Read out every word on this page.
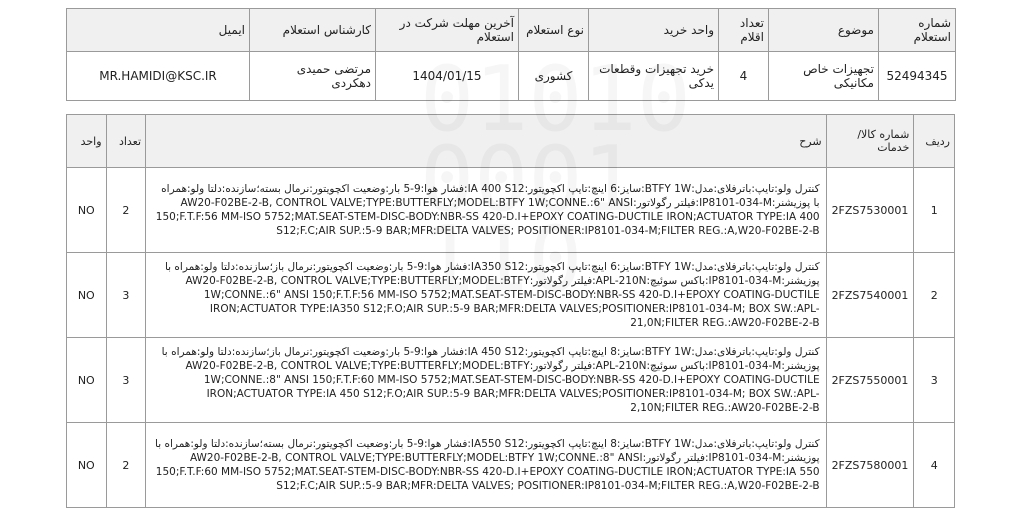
شماره استعلام	موضوع	تعداد اقلام	واحد خرید	نوع استعلام	آخرین مهلت شرکت در استعلام	کارشناس استعلام	ایمیل
52494345	تجهیزات خاص مکانیکی	4	خرید تجهیزات وقطعات یدکی	کشوری	1404/01/15	مرتضی حمیدی دهکردی	MR.HAMIDI@KSC.IR
ردیف	شماره کالا/خدمات	شرح	تعداد	واحد
1	2FZS7530001	کنترل ولو:تایپ:باترفلای:مدل:BTFY 1W:سایز:6 اینچ:تایپ اکچویتور:IA 400 S12:فشار هوا:9-5 بار:وضعیت اکچویتور:نرمال بسته؛سازنده:دلتا ولو:همراه با پوزیشنر:IP8101-034-M:فیلتر رگولاتور:AW20-F02BE-2-B, CONTROL VALVE;TYPE:BUTTERFLY;MODEL:BTFY 1W;CONNE.:6" ANSI 150;F.T.F:56 MM-ISO 5752;MAT.SEAT-STEM-DISC-BODY:NBR-SS 420-D.I+EPOXY COATING-DUCTILE IRON;ACTUATOR TYPE:IA 400 S12;F.C;AIR SUP.:5-9 BAR;MFR:DELTA VALVES; POSITIONER:IP8101-034-M;FILTER REG.:A,W20-F02BE-2-B	2	NO
2	2FZS7540001	کنترل ولو:تایپ:باترفلای:مدل:BTFY 1W:سایز:6 اینچ:تایپ اکچویتور:IA350 S12:فشار هوا:9-5 بار:وضعیت اکچویتور:نرمال باز؛سازنده:دلتا ولو:همراه با پوزیشنر:IP8101-034-M:باکس سوئیچ:APL-210N:فیلتر رگولاتور:AW20-F02BE-2-B, CONTROL VALVE;TYPE:BUTTERFLY;MODEL:BTFY 1W;CONNE.:6" ANSI 150;F.T.F:56 MM-ISO 5752;MAT.SEAT-STEM-DISC-BODY:NBR-SS 420-D.I+EPOXY COATING-DUCTILE IRON;ACTUATOR TYPE:IA350 S12;F.O;AIR SUP.:5-9 BAR;MFR:DELTA VALVES;POSITIONER:IP8101-034-M; BOX SW.:APL-21,0N;FILTER REG.:AW20-F02BE-2-B	3	NO
3	2FZS7550001	کنترل ولو:تایپ:باترفلای:مدل:BTFY 1W:سایز:8 اینچ:تایپ اکچویتور:IA 450 S12:فشار هوا:9-5 بار:وضعیت اکچویتور:نرمال باز؛سازنده:دلتا ولو:همراه با پوزیشنر:IP8101-034-M:باکس سوئیچ:APL-210N:فیلتر رگولاتور:AW20-F02BE-2-B, CONTROL VALVE;TYPE:BUTTERFLY;MODEL:BTFY 1W;CONNE.:8" ANSI 150;F.T.F:60 MM-ISO 5752;MAT.SEAT-STEM-DISC-BODY:NBR-SS 420-D.I+EPOXY COATING-DUCTILE IRON;ACTUATOR TYPE:IA 450 S12;F.O;AIR SUP.:5-9 BAR;MFR:DELTA VALVES;POSITIONER:IP8101-034-M; BOX SW.:APL-2,10N;FILTER REG.:AW20-F02BE-2-B	3	NO
4	2FZS7580001	کنترل ولو:تایپ:باترفلای:مدل:BTFY 1W:سایز:8 اینچ:تایپ اکچویتور:IA550 S12:فشار هوا:9-5 بار:وضعیت اکچویتور:نرمال بسته؛سازنده:دلتا ولو:همراه با پوزیشنر:IP8101-034-M:فیلتر رگولاتور:AW20-F02BE-2-B, CONTROL VALVE;TYPE:BUTTERFLY;MODEL:BTFY 1W;CONNE.:8" ANSI 150;F.T.F:60 MM-ISO 5752;MAT.SEAT-STEM-DISC-BODY:NBR-SS 420-D.I+EPOXY COATING-DUCTILE IRON;ACTUATOR TYPE:IA 550 S12;F.C;AIR SUP.:5-9 BAR;MFR:DELTA VALVES; POSITIONER:IP8101-034-M;FILTER REG.:A,W20-F02BE-2-B	2	NO
